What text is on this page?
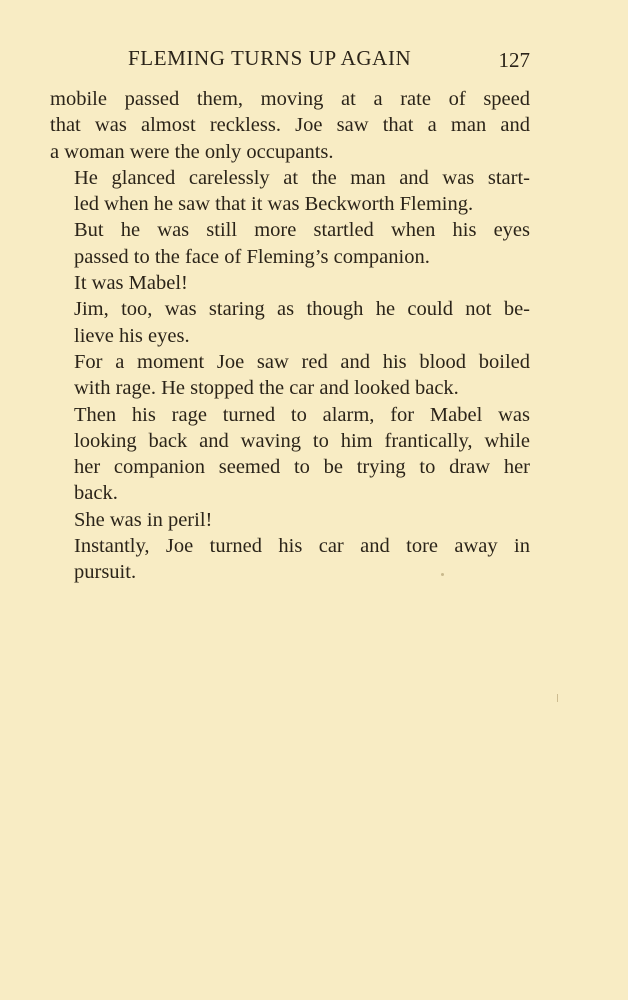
FLEMING TURNS UP AGAIN	127

mobile passed them, moving at a rate of speed
that was almost reckless. Joe saw that a man and
a woman were the only occupants.

He glanced carelessly at the man and was start-
led when he saw that it was Beckworth Fleming.

But he was still more startled when his eyes
passed to the face of Fleming’s companion.

It was Mabel!

Jim, too, was staring as though he could not be-
lieve his eyes.

For a moment Joe saw red and his blood boiled
with rage. He stopped the car and looked back.

Then his rage turned to alarm, for Mabel was
looking back and waving to him frantically, while
her companion seemed to be trying to draw her
back.

She was in peril!

Instantly, Joe turned his car and tore away in
pursuit.
